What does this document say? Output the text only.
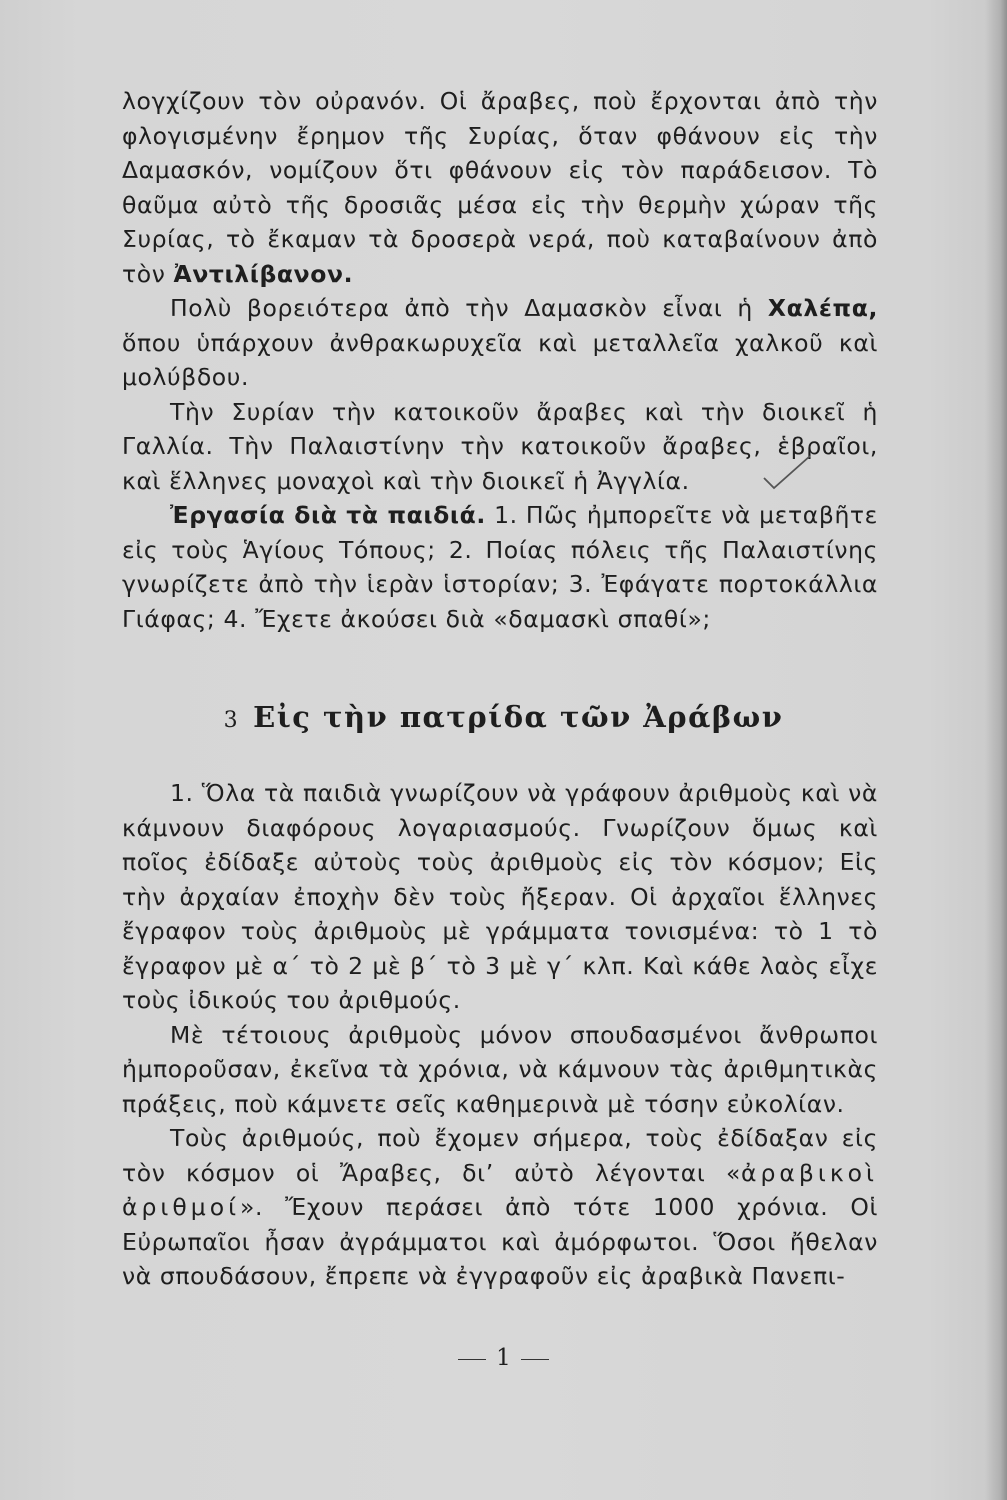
λογχίζουν τὸν οὐρανόν. Οἱ ἄραβες, ποὺ ἔρχονται ἀπὸ τὴν φλογισμένην ἔρημον τῆς Συρίας, ὅταν φθάνουν εἰς τὴν Δαμασκόν, νομίζουν ὅτι φθάνουν εἰς τὸν παράδεισον. Τὸ θαῦμα αὐτὸ τῆς δροσιᾶς μέσα εἰς τὴν θερμὴν χώραν τῆς Συρίας, τὸ ἔκαμαν τὰ δροσερὰ νερά, ποὺ καταβαίνουν ἀπὸ τὸν Ἀντιλίβανον.

Πολὺ βορειότερα ἀπὸ τὴν Δαμασκὸν εἶναι ἡ Χαλέπα, ὅπου ὑπάρχουν ἀνθρακωρυχεῖα καὶ μεταλλεῖα χαλκοῦ καὶ μολύβδου.

Τὴν Συρίαν τὴν κατοικοῦν ἄραβες καὶ τὴν διοικεῖ ἡ Γαλλία. Τὴν Παλαιστίνην τὴν κατοικοῦν ἄραβες, ἑβραῖοι, καὶ ἕλληνες μοναχοὶ καὶ τὴν διοικεῖ ἡ Ἀγγλία.

Ἐργασία διὰ τὰ παιδιά. 1. Πῶς ἠμπορεῖτε νὰ μεταβῆτε εἰς τοὺς Ἁγίους Τόπους; 2. Ποίας πόλεις τῆς Παλαιστίνης γνωρίζετε ἀπὸ τὴν ἱερὰν ἱστορίαν; 3. Ἐφάγατε πορτοκάλλια Γιάφας; 4. Ἔχετε ἀκούσει διὰ «δαμασκὶ σπαθί»;

3 Εἰς τὴν πατρίδα τῶν Ἀράβων

1. Ὅλα τὰ παιδιὰ γνωρίζουν νὰ γράφουν ἀριθμοὺς καὶ νὰ κάμνουν διαφόρους λογαριασμούς. Γνωρίζουν ὅμως καὶ ποῖος ἐδίδαξε αὐτοὺς τοὺς ἀριθμοὺς εἰς τὸν κόσμον; Εἰς τὴν ἀρχαίαν ἐποχὴν δὲν τοὺς ἤξεραν. Οἱ ἀρχαῖοι ἕλληνες ἔγραφον τοὺς ἀριθμοὺς μὲ γράμματα τονισμένα: τὸ 1 τὸ ἔγραφον μὲ α΄ τὸ 2 μὲ β΄ τὸ 3 μὲ γ΄ κλπ. Καὶ κάθε λαὸς εἶχε τοὺς ἰδικούς του ἀριθμούς.

Μὲ τέτοιους ἀριθμοὺς μόνον σπουδασμένοι ἄνθρωποι ἠμποροῦσαν, ἐκεῖνα τὰ χρόνια, νὰ κάμνουν τὰς ἀριθμητικὰς πράξεις, ποὺ κάμνετε σεῖς καθημερινὰ μὲ τόσην εὐκολίαν.

Τοὺς ἀριθμούς, ποὺ ἔχομεν σήμερα, τοὺς ἐδίδαξαν εἰς τὸν κόσμον οἱ Ἄραβες, δι’ αὐτὸ λέγονται «ἀραβικοὶ ἀριθμοί». Ἔχουν περάσει ἀπὸ τότε 1000 χρόνια. Οἱ Εὐρωπαῖοι ἦσαν ἀγράμματοι καὶ ἀμόρφωτοι. Ὅσοι ἤθελαν νὰ σπουδάσουν, ἔπρεπε νὰ ἐγγραφοῦν εἰς ἀραβικὰ Πανεπι-

1
